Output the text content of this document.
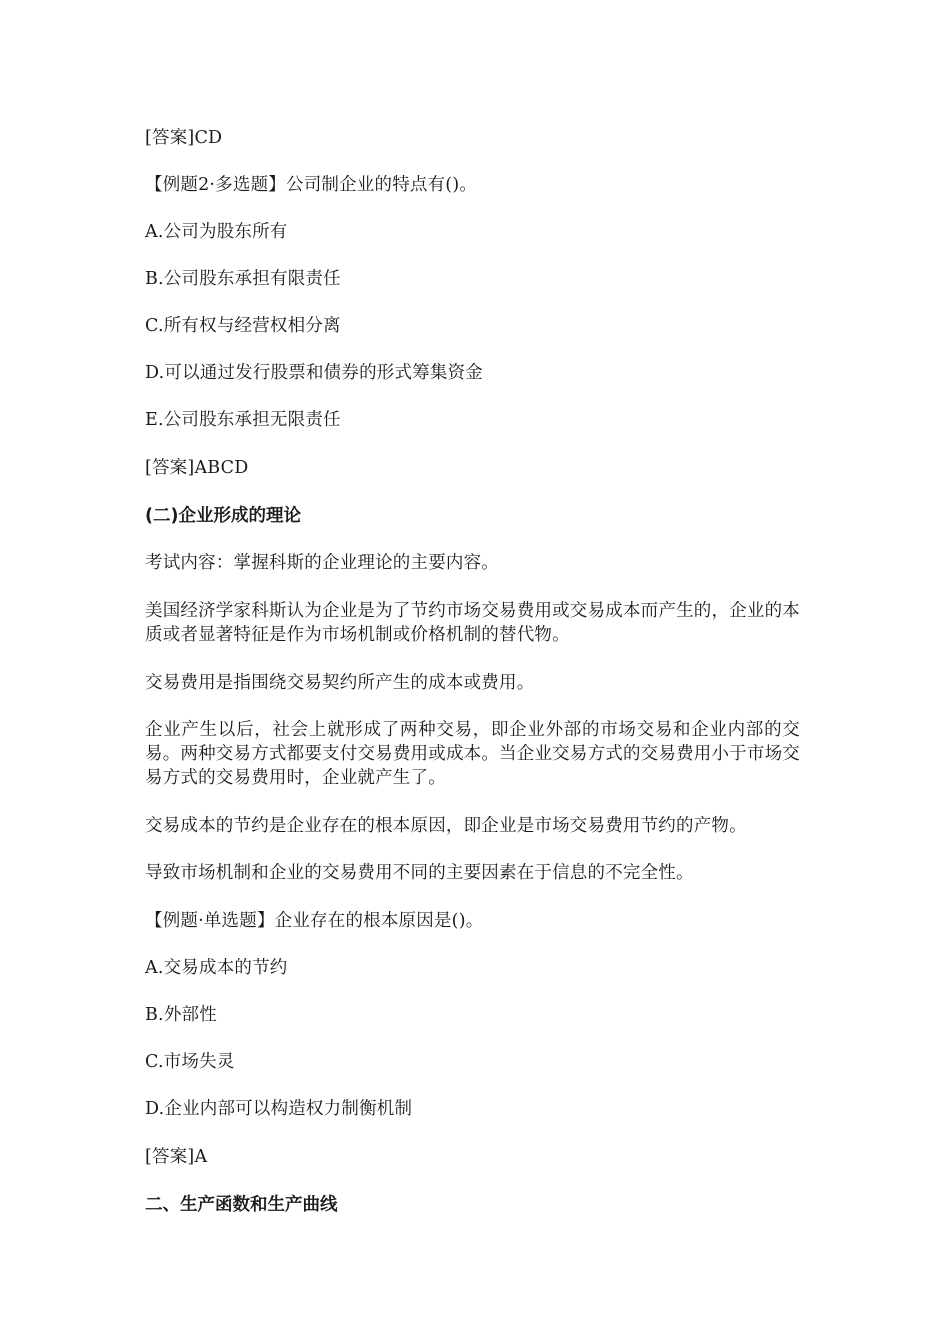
[答案]CD
【例题2·多选题】公司制企业的特点有()。
A.公司为股东所有
B.公司股东承担有限责任
C.所有权与经营权相分离
D.可以通过发行股票和债券的形式筹集资金
E.公司股东承担无限责任
[答案]ABCD
(二)企业形成的理论
考试内容：掌握科斯的企业理论的主要内容。
美国经济学家科斯认为企业是为了节约市场交易费用或交易成本而产生的，企业的本质或者显著特征是作为市场机制或价格机制的替代物。
交易费用是指围绕交易契约所产生的成本或费用。
企业产生以后，社会上就形成了两种交易，即企业外部的市场交易和企业内部的交易。两种交易方式都要支付交易费用或成本。当企业交易方式的交易费用小于市场交易方式的交易费用时，企业就产生了。
交易成本的节约是企业存在的根本原因，即企业是市场交易费用节约的产物。
导致市场机制和企业的交易费用不同的主要因素在于信息的不完全性。
【例题·单选题】企业存在的根本原因是()。
A.交易成本的节约
B.外部性
C.市场失灵
D.企业内部可以构造权力制衡机制
[答案]A
二、生产函数和生产曲线
